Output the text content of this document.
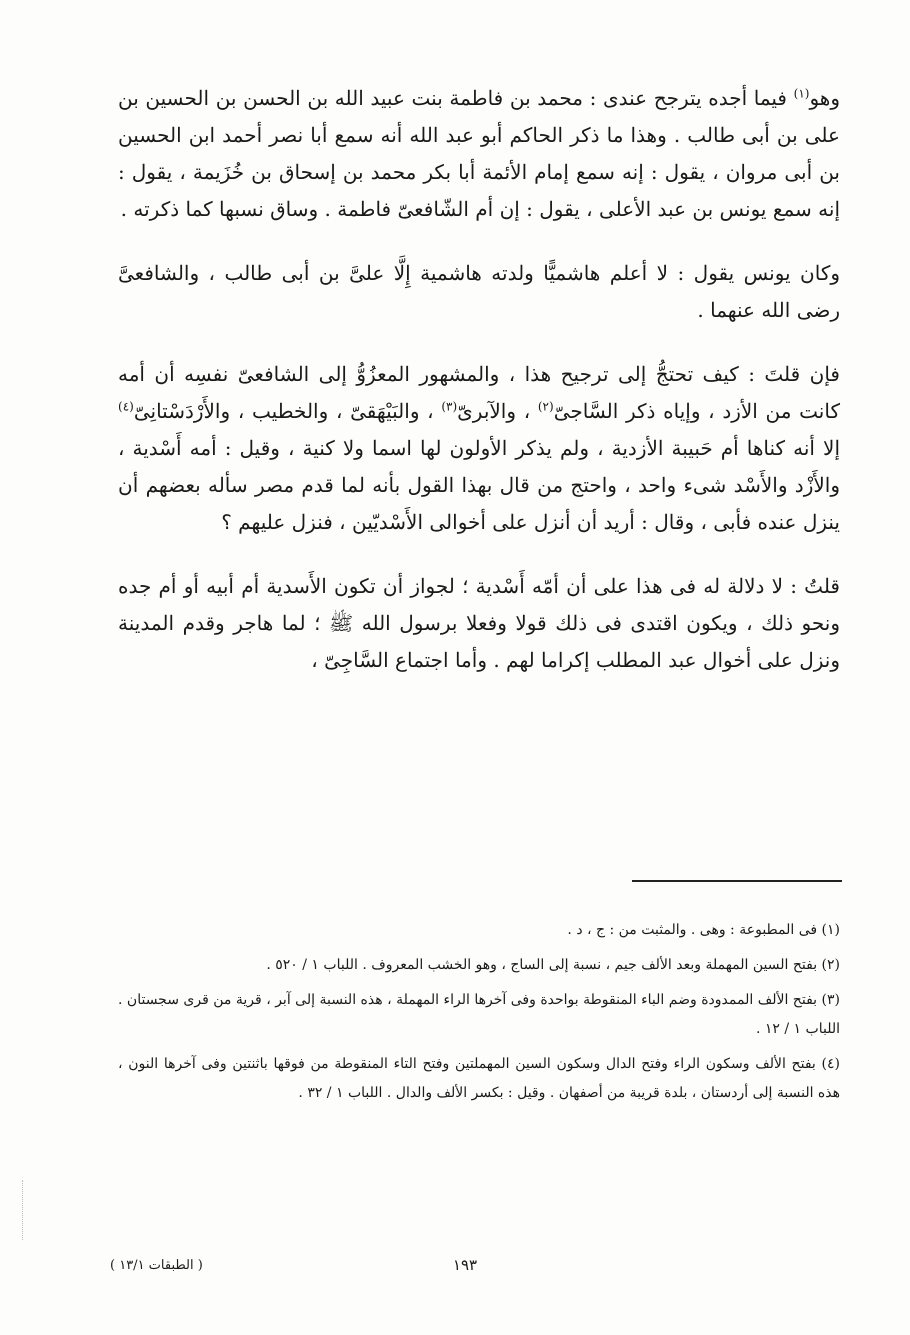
وهو$^{(١)}$ فيما أجده يترجح عندى : محمد بن فاطمة بنت عبيد الله بن الحسن بن الحسين بن على بن أبى طالب . وهذا ما ذكر الحاكم أبو عبد الله أنه سمع أبا نصر أحمد ابن الحسين بن أبى مروان ، يقول : إنه سمع إمام الأئمة أبا بكر محمد بن إسحاق بن خُزَيمة ، يقول : إنه سمع يونس بن عبد الأعلى ، يقول : إن أم الشّافعىّ فاطمة . وساق نسبها كما ذكرته .

وكان يونس يقول : لا أعلم هاشميًّا ولدته هاشمية إِلَّا علىَّ بن أبى طالب ، والشافعىَّ رضى الله عنهما .

فإن قلتَ : كيف تحتجُّ إلى ترجيح هذا ، والمشهور المعزُوُّ إلى الشافعىّ نفسِه أن أمه كانت من الأزد ، وإياه ذكر السَّاجىّ$^{(٢)}$ ، والآبرىّ$^{(٣)}$ ، والبَيْهَقىّ ، والخطيب ، والأَرْدَسْتانِىّ$^{(٤)}$ إلا أنه كناها أم حَبيبة الأزدية ، ولم يذكر الأولون لها اسما ولا كنية ، وقيل : أمه أَسْدية ، والأَزْد والأَسْد شىء واحد ، واحتج من قال بهذا القول بأنه لما قدم مصر سأله بعضهم أن ينزل عنده فأبى ، وقال : أريد أن أنزل على أخوالى الأَسْديّين ، فنزل عليهم ؟

قلتُ : لا دلالة له فى هذا على أن أمّه أَسْدية ؛ لجواز أن تكون الأَسدية أم أبيه أو أم جده ونحو ذلك ، ويكون اقتدى فى ذلك قولا وفعلا برسول الله ﷺ ؛ لما هاجر وقدم المدينة ونزل على أخوال عبد المطلب إكراما لهم . وأما اجتماع السَّاجِىّ ،

(١) فى المطبوعة : وهى . والمثبت من : ج ، د .

(٢) بفتح السين المهملة وبعد الألف جيم ، نسبة إلى الساج ، وهو الخشب المعروف . اللباب ١ / ٥٢٠ .

(٣) بفتح الألف الممدودة وضم الباء المنقوطة بواحدة وفى آخرها الراء المهملة ، هذه النسبة إلى آبر ، قرية من قرى سجستان . اللباب ١ / ١٢ .

(٤) بفتح الألف وسكون الراء وفتح الدال وسكون السين المهملتين وفتح التاء المنقوطة من فوقها باثنتين وفى آخرها النون ، هذه النسبة إلى أردستان ، بلدة قريبة من أصفهان . وقيل : بكسر الألف والدال . اللباب ١ / ٣٢ .

( الطبقات ١٣/١ )	١٩٣
